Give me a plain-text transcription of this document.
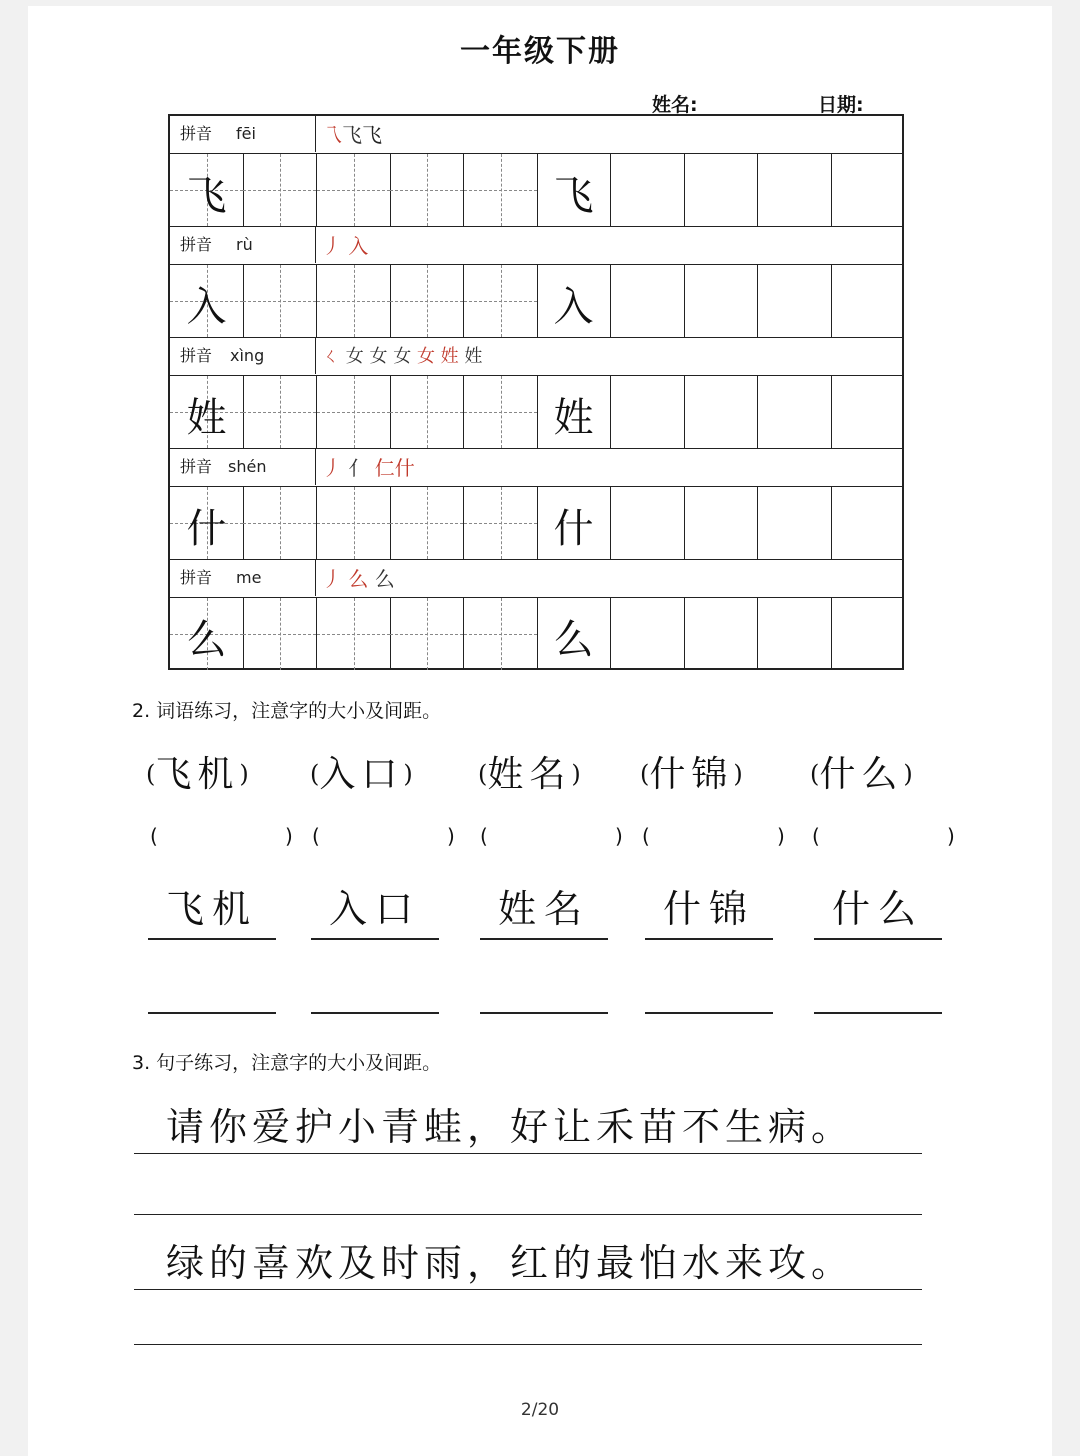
一年级下册
姓名:	日期:
拼音 fēi	乁飞飞
飞	飞
拼音 rù	丿 入
入	入
拼音 xìng	ㄑ 女 女 女 女 姓 姓
姓	姓
拼音 shén	丿 亻 仁什
什	什
拼音 me	丿 么 么
么	么
2. 词语练习，注意字的大小及间距。
(飞机)	(入口)	(姓名) (什锦)	(什么)
(                    ) (                    ) (                    ) (                    ) (                    )
飞机	入口	姓名	什锦	什么
3. 句子练习，注意字的大小及间距。
请你爱护小青蛙，好让禾苗不生病。
绿的喜欢及时雨，红的最怕水来攻。
2/20
